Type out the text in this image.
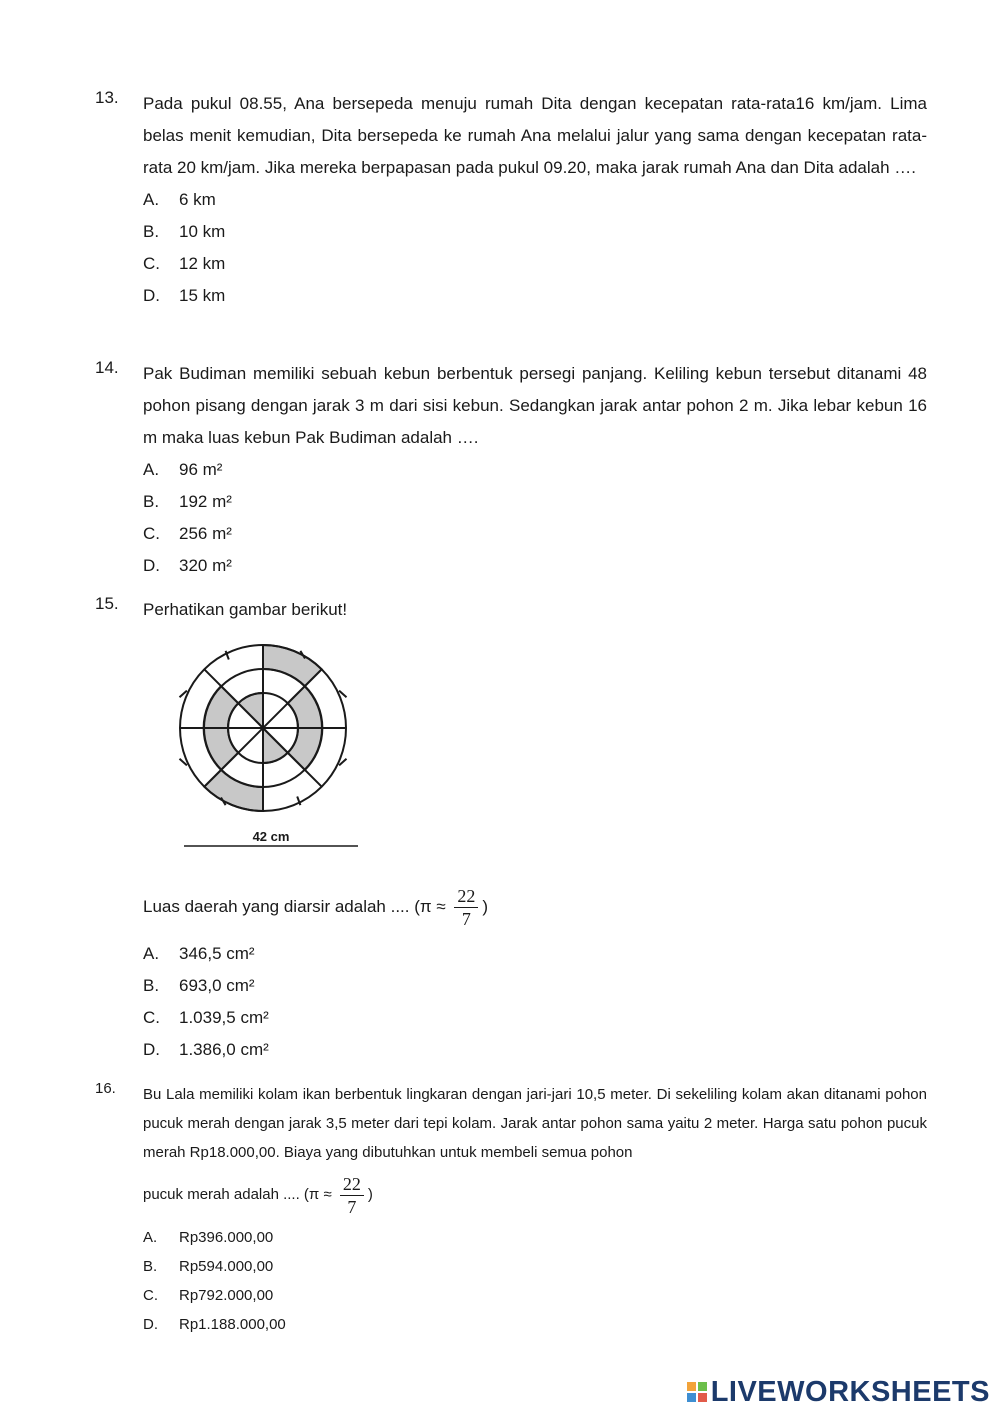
13. Pada pukul 08.55, Ana bersepeda menuju rumah Dita dengan kecepatan rata-rata16 km/jam. Lima belas menit kemudian, Dita bersepeda ke rumah Ana melalui jalur yang sama dengan kecepatan rata-rata 20 km/jam. Jika mereka berpapasan pada pukul 09.20, maka jarak rumah Ana dan Dita adalah ….
A. 6 km
B. 10 km
C. 12 km
D. 15 km
14. Pak Budiman memiliki sebuah kebun berbentuk persegi panjang. Keliling kebun tersebut ditanami 48 pohon pisang dengan jarak 3 m dari sisi kebun. Sedangkan jarak antar pohon 2 m. Jika lebar kebun 16 m maka luas kebun Pak Budiman adalah ….
A. 96 m²
B. 192 m²
C. 256 m²
D. 320 m²
15. Perhatikan gambar berikut!
42 cm
Luas daerah yang diarsir adalah .... ($\pi \approx \frac{22}{7}$ )
A. 346,5 cm²
B. 693,0 cm²
C. 1.039,5 cm²
D. 1.386,0 cm²
16. Bu Lala memiliki kolam ikan berbentuk lingkaran dengan jari-jari 10,5 meter. Di sekeliling kolam akan ditanami pohon pucuk merah dengan jarak 3,5 meter dari tepi kolam. Jarak antar pohon sama yaitu 2 meter. Harga satu pohon pucuk merah Rp18.000,00. Biaya yang dibutuhkan untuk membeli semua pohon
pucuk merah adalah .... ($\pi \approx \frac{22}{7}$ )
A. Rp396.000,00
B. Rp594.000,00
C. Rp792.000,00
D. Rp1.188.000,00
LIVEWORKSHEETS
